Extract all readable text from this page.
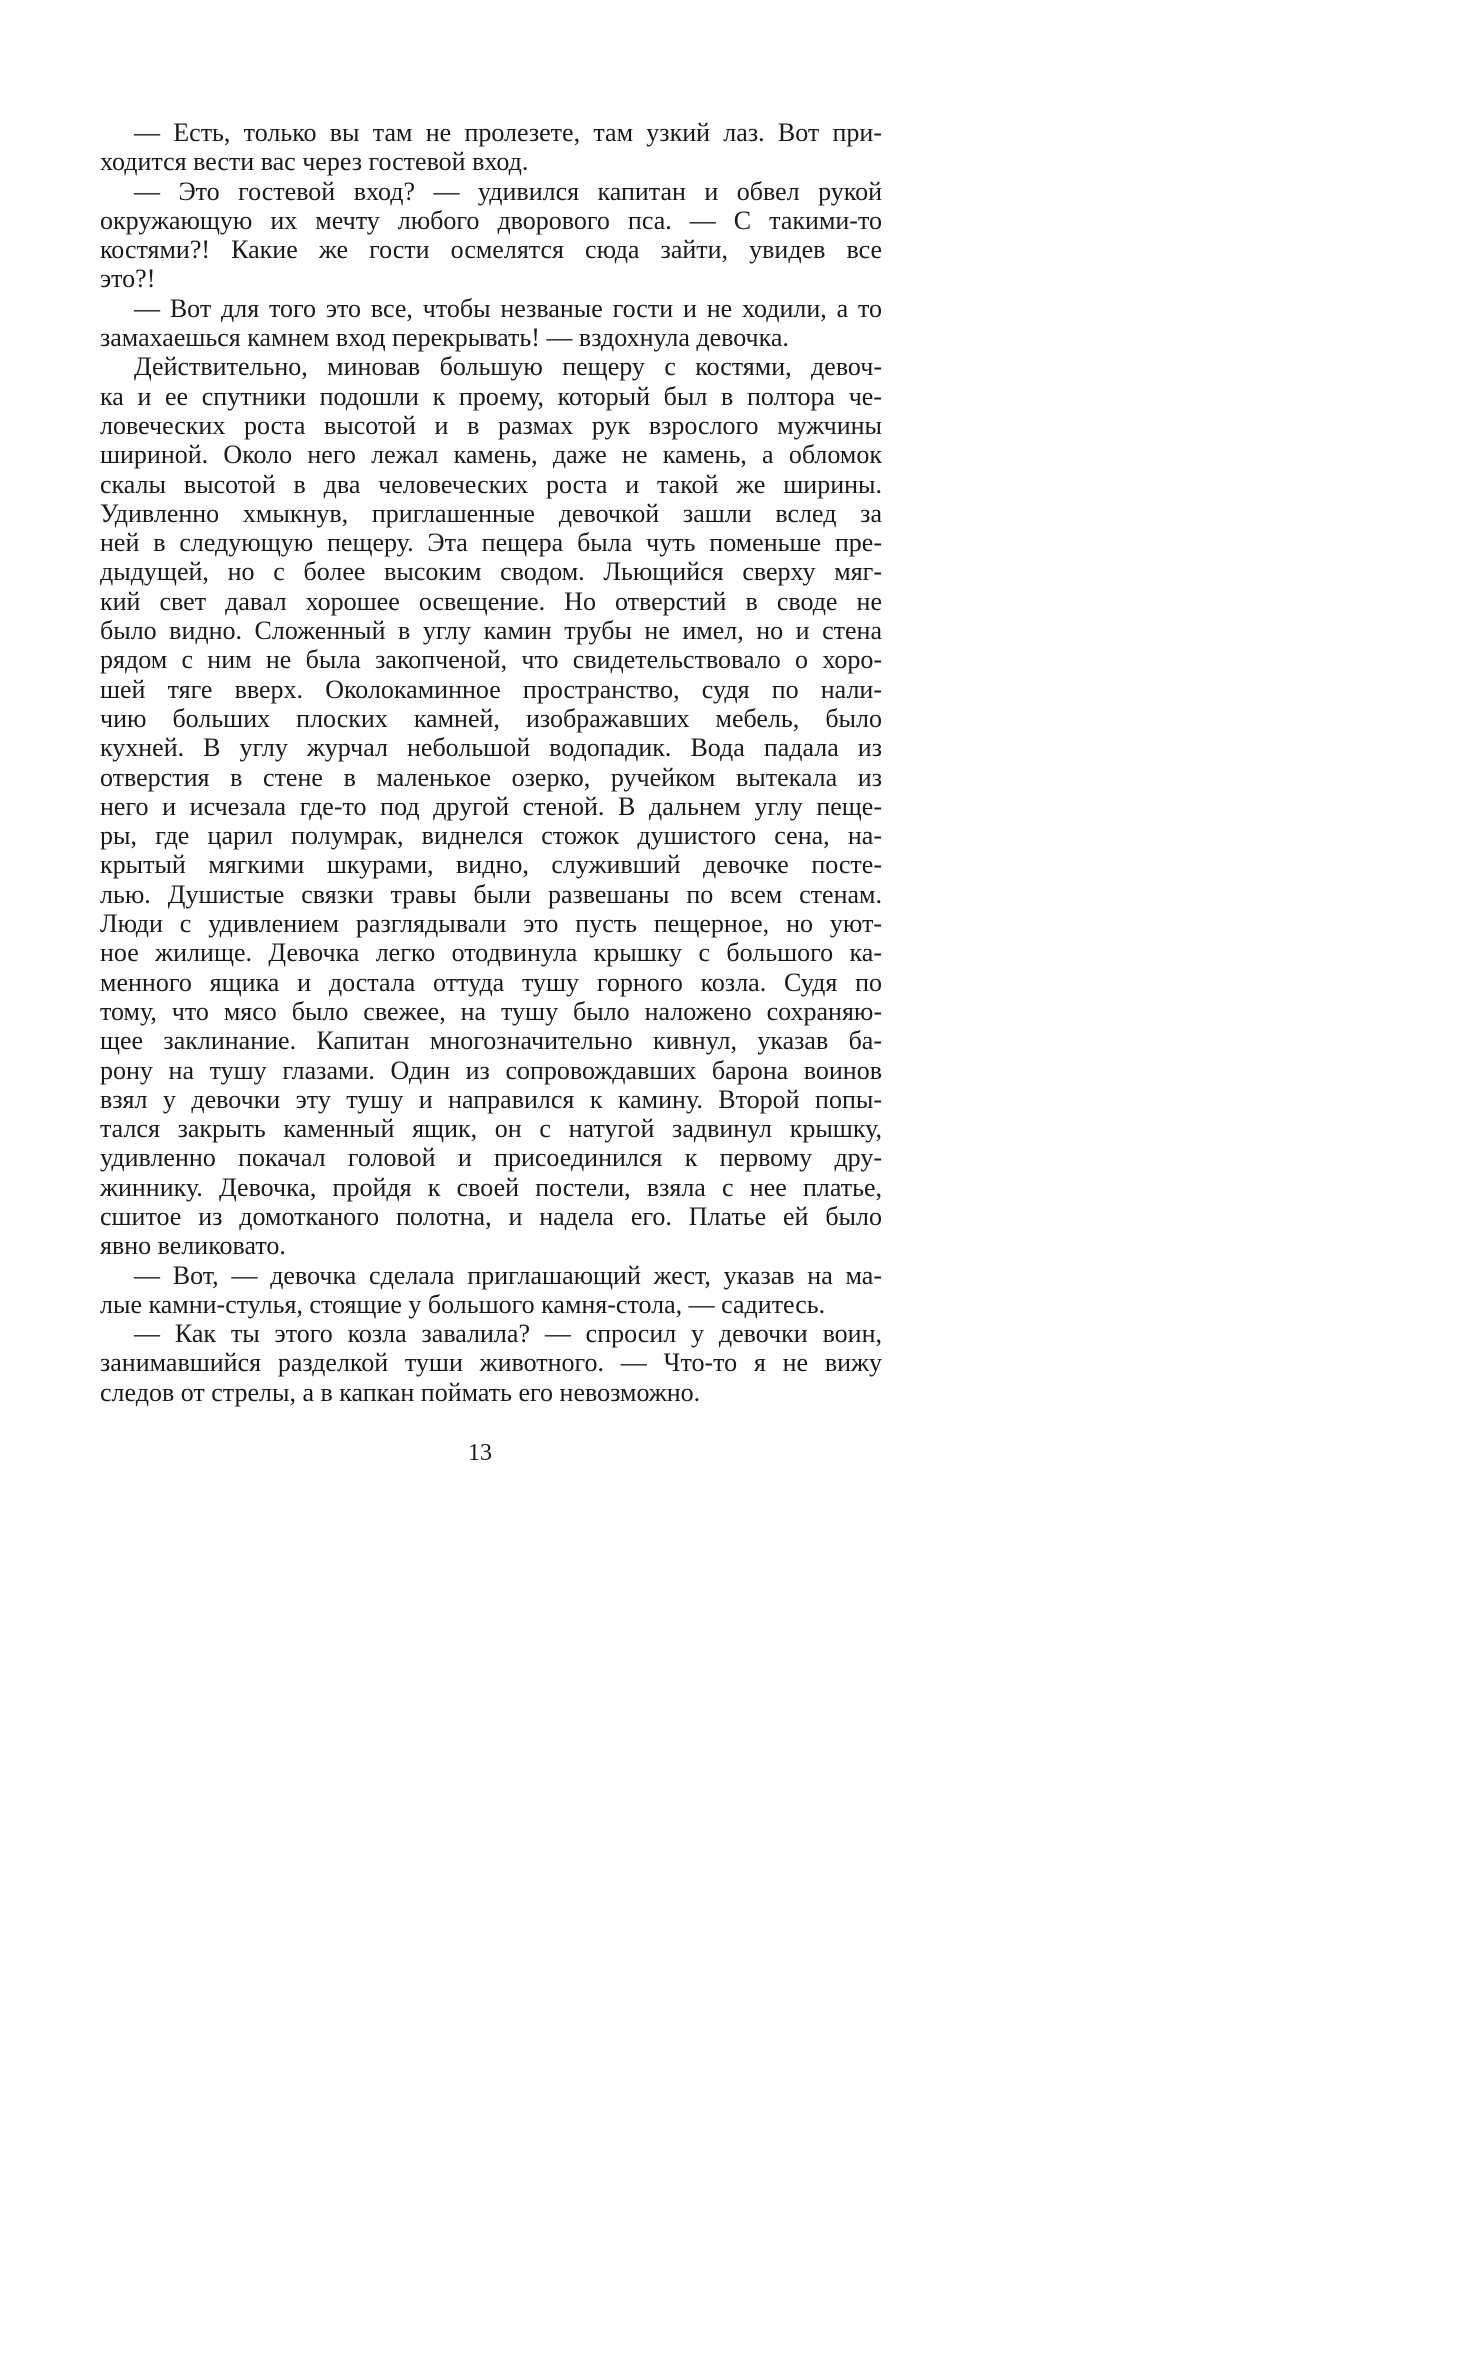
— Есть, только вы там не пролезете, там узкий лаз. Вот при-
ходится вести вас через гостевой вход.
— Это гостевой вход? — удивился капитан и обвел рукой
окружающую их мечту любого дворового пса. — С такими-то
костями?! Какие же гости осмелятся сюда зайти, увидев все
это?!
— Вот для того это все, чтобы незваные гости и не ходили, а то
замахаешься камнем вход перекрывать! — вздохнула девочка.
Действительно, миновав большую пещеру с костями, девоч-
ка и ее спутники подошли к проему, который был в полтора че-
ловеческих роста высотой и в размах рук взрослого мужчины
шириной. Около него лежал камень, даже не камень, а обломок
скалы высотой в два человеческих роста и такой же ширины.
Удивленно хмыкнув, приглашенные девочкой зашли вслед за
ней в следующую пещеру. Эта пещера была чуть поменьше пре-
дыдущей, но с более высоким сводом. Льющийся сверху мяг-
кий свет давал хорошее освещение. Но отверстий в своде не
было видно. Сложенный в углу камин трубы не имел, но и стена
рядом с ним не была закопченой, что свидетельствовало о хоро-
шей тяге вверх. Околокаминное пространство, судя по нали-
чию больших плоских камней, изображавших мебель, было
кухней. В углу журчал небольшой водопадик. Вода падала из
отверстия в стене в маленькое озерко, ручейком вытекала из
него и исчезала где-то под другой стеной. В дальнем углу пеще-
ры, где царил полумрак, виднелся стожок душистого сена, на-
крытый мягкими шкурами, видно, служивший девочке посте-
лью. Душистые связки травы были развешаны по всем стенам.
Люди с удивлением разглядывали это пусть пещерное, но уют-
ное жилище. Девочка легко отодвинула крышку с большого ка-
менного ящика и достала оттуда тушу горного козла. Судя по
тому, что мясо было свежее, на тушу было наложено сохраняю-
щее заклинание. Капитан многозначительно кивнул, указав ба-
рону на тушу глазами. Один из сопровождавших барона воинов
взял у девочки эту тушу и направился к камину. Второй попы-
тался закрыть каменный ящик, он с натугой задвинул крышку,
удивленно покачал головой и присоединился к первому дру-
жиннику. Девочка, пройдя к своей постели, взяла с нее платье,
сшитое из домотканого полотна, и надела его. Платье ей было
явно великовато.
— Вот, — девочка сделала приглашающий жест, указав на ма-
лые камни-стулья, стоящие у большого камня-стола, — садитесь.
— Как ты этого козла завалила? — спросил у девочки воин,
занимавшийся разделкой туши животного. — Что-то я не вижу
следов от стрелы, а в капкан поймать его невозможно.
13
